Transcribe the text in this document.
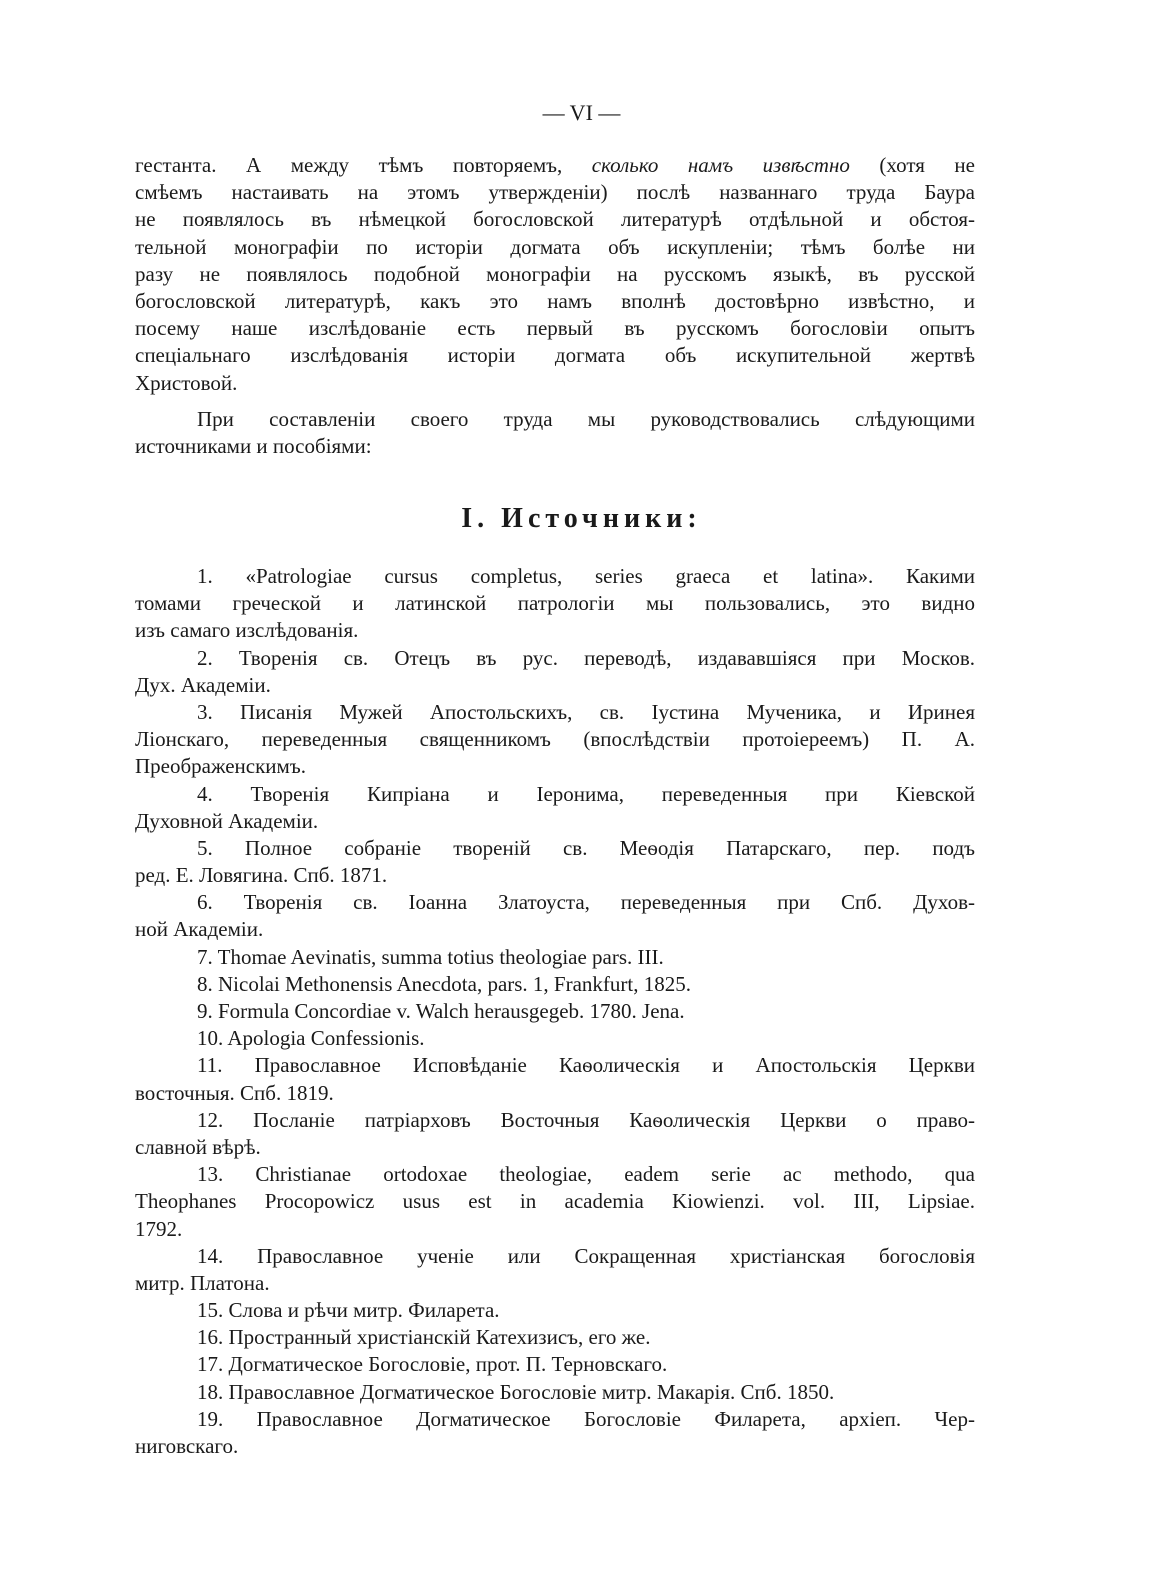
— VI —
гестанта. А между тѣмъ повторяемъ, сколько намъ извѣстно (хотя не
смѣемъ настаивать на этомъ утвержденіи) послѣ названнаго труда Баура
не появлялось въ нѣмецкой богословской литературѣ отдѣльной и обстоя-
тельной монографіи по исторіи догмата объ искупленіи; тѣмъ болѣе ни
разу не появлялось подобной монографіи на русскомъ языкѣ, въ русской
богословской литературѣ, какъ это намъ вполнѣ достовѣрно извѣстно, и
посему наше изслѣдованіе есть первый въ русскомъ богословіи опытъ
спеціальнаго изслѣдованія исторіи догмата объ искупительной жертвѣ
Христовой.
При составленіи своего труда мы руководствовались слѣдующими
источниками и пособіями:
I. Источники:
1. «Patrologiae cursus completus, series graeca et latina». Какими
томами греческой и латинской патрологіи мы пользовались, это видно
изъ самаго изслѣдованія.
2. Творенія св. Отецъ въ рус. переводѣ, издававшіяся при Москов.
Дух. Академіи.
3. Писанія Мужей Апостольскихъ, св. Іустина Мученика, и Иринея
Ліонскаго, переведенныя священникомъ (впослѣдствіи протоіереемъ) П. А.
Преображенскимъ.
4. Творенія Кипріана и Іеронима, переведенныя при Кіевской
Духовной Академіи.
5. Полное собраніе твореній св. Меѳодія Патарскаго, пер. подъ
ред. Е. Ловягина. Спб. 1871.
6. Творенія св. Іоанна Златоуста, переведенныя при Спб. Духов-
ной Академіи.
7. Thomae Aevinatis, summa totius theologiae pars. III.
8. Nicolai Methonensis Anecdota, pars. 1, Frankfurt, 1825.
9. Formula Concordiae v. Walch herausgegeb. 1780. Jena.
10. Apologia Confessionis.
11. Православное Исповѣданіе Каѳолическія и Апостольскія Церкви
восточныя. Спб. 1819.
12. Посланіе патріарховъ Восточныя Каѳолическія Церкви о право-
славной вѣрѣ.
13. Christianae ortodoxae theologiae, eadem serie ac methodo, qua
Theophanes Procopowicz usus est in academia Kiowienzi. vol. III, Lipsiae.
1792.
14. Православное ученіе или Сокращенная христіанская богословія
митр. Платона.
15. Слова и рѣчи митр. Филарета.
16. Пространный христіанскій Катехизисъ, его же.
17. Догматическое Богословіе, прот. П. Терновскаго.
18. Православное Догматическое Богословіе митр. Макарія. Спб. 1850.
19. Православное Догматическое Богословіе Филарета, архіеп. Чер-
ниговскаго.
